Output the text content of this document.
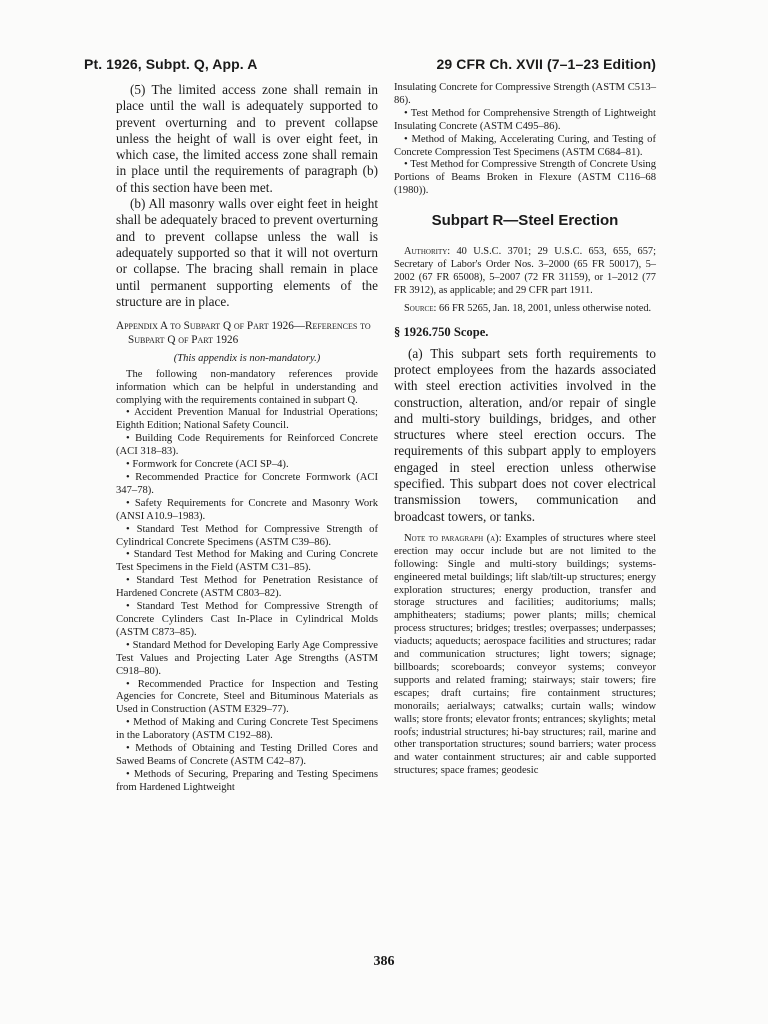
Pt. 1926, Subpt. Q, App. A	29 CFR Ch. XVII (7–1–23 Edition)

(5) The limited access zone shall remain in place until the wall is adequately supported to prevent overturning and to prevent collapse unless the height of wall is over eight feet, in which case, the limited access zone shall remain in place until the requirements of paragraph (b) of this section have been met.

(b) All masonry walls over eight feet in height shall be adequately braced to prevent overturning and to prevent collapse unless the wall is adequately supported so that it will not overturn or collapse. The bracing shall remain in place until permanent supporting elements of the structure are in place.

Appendix A to Subpart Q of Part 1926—References to Subpart Q of Part 1926

(This appendix is non-mandatory.)

The following non-mandatory references provide information which can be helpful in understanding and complying with the requirements contained in subpart Q.

• Accident Prevention Manual for Industrial Operations; Eighth Edition; National Safety Council.

• Building Code Requirements for Reinforced Concrete (ACI 318–83).

• Formwork for Concrete (ACI SP–4).

• Recommended Practice for Concrete Formwork (ACI 347–78).

• Safety Requirements for Concrete and Masonry Work (ANSI A10.9–1983).

• Standard Test Method for Compressive Strength of Cylindrical Concrete Specimens (ASTM C39–86).

• Standard Test Method for Making and Curing Concrete Test Specimens in the Field (ASTM C31–85).

• Standard Test Method for Penetration Resistance of Hardened Concrete (ASTM C803–82).

• Standard Test Method for Compressive Strength of Concrete Cylinders Cast In-Place in Cylindrical Molds (ASTM C873–85).

• Standard Method for Developing Early Age Compressive Test Values and Projecting Later Age Strengths (ASTM C918–80).

• Recommended Practice for Inspection and Testing Agencies for Concrete, Steel and Bituminous Materials as Used in Construction (ASTM E329–77).

• Method of Making and Curing Concrete Test Specimens in the Laboratory (ASTM C192–88).

• Methods of Obtaining and Testing Drilled Cores and Sawed Beams of Concrete (ASTM C42–87).

• Methods of Securing, Preparing and Testing Specimens from Hardened Lightweight

Insulating Concrete for Compressive Strength (ASTM C513–86).

• Test Method for Comprehensive Strength of Lightweight Insulating Concrete (ASTM C495–86).

• Method of Making, Accelerating Curing, and Testing of Concrete Compression Test Specimens (ASTM C684–81).

• Test Method for Compressive Strength of Concrete Using Portions of Beams Broken in Flexure (ASTM C116–68 (1980)).

Subpart R—Steel Erection

Authority: 40 U.S.C. 3701; 29 U.S.C. 653, 655, 657; Secretary of Labor's Order Nos. 3–2000 (65 FR 50017), 5–2002 (67 FR 65008), 5–2007 (72 FR 31159), or 1–2012 (77 FR 3912), as applicable; and 29 CFR part 1911.

Source: 66 FR 5265, Jan. 18, 2001, unless otherwise noted.

§ 1926.750 Scope.

(a) This subpart sets forth requirements to protect employees from the hazards associated with steel erection activities involved in the construction, alteration, and/or repair of single and multi-story buildings, bridges, and other structures where steel erection occurs. The requirements of this subpart apply to employers engaged in steel erection unless otherwise specified. This subpart does not cover electrical transmission towers, communication and broadcast towers, or tanks.

Note to paragraph (a): Examples of structures where steel erection may occur include but are not limited to the following: Single and multi-story buildings; systems-engineered metal buildings; lift slab/tilt-up structures; energy exploration structures; energy production, transfer and storage structures and facilities; auditoriums; malls; amphitheaters; stadiums; power plants; mills; chemical process structures; bridges; trestles; overpasses; underpasses; viaducts; aqueducts; aerospace facilities and structures; radar and communication structures; light towers; signage; billboards; scoreboards; conveyor systems; conveyor supports and related framing; stairways; stair towers; fire escapes; draft curtains; fire containment structures; monorails; aerialways; catwalks; curtain walls; window walls; store fronts; elevator fronts; entrances; skylights; metal roofs; industrial structures; hi-bay structures; rail, marine and other transportation structures; sound barriers; water process and water containment structures; air and cable supported structures; space frames; geodesic

386
